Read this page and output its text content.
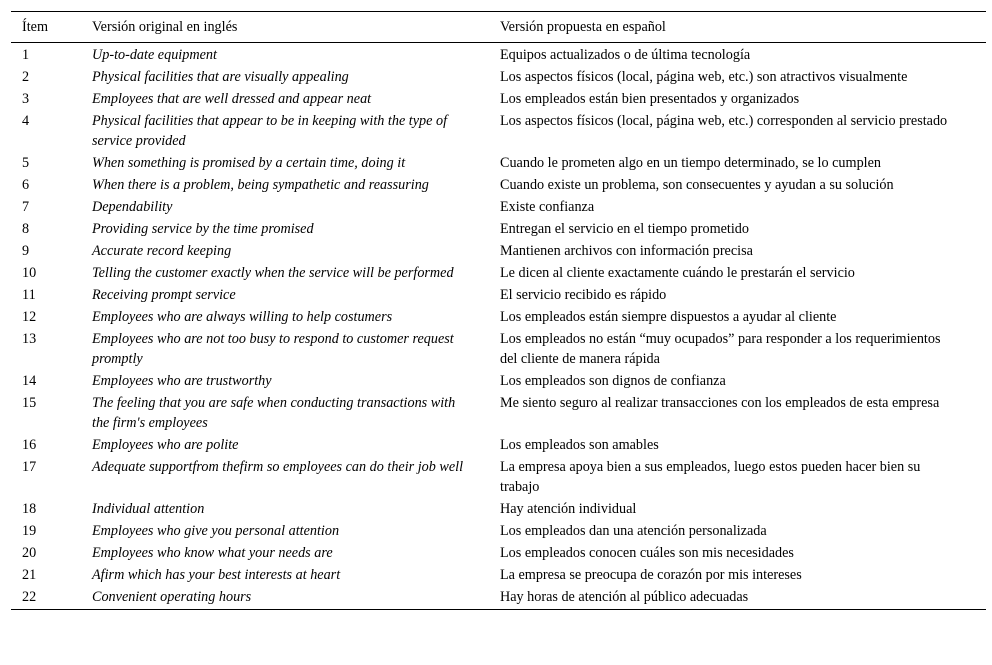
Ítem	Versión original en inglés	Versión propuesta en español
1	Up-to-date equipment	Equipos actualizados o de última tecnología
2	Physical facilities that are visually appealing	Los aspectos físicos (local, página web, etc.) son atractivos visualmente
3	Employees that are well dressed and appear neat	Los empleados están bien presentados y organizados
4	Physical facilities that appear to be in keeping with the type of service provided	Los aspectos físicos (local, página web, etc.) corresponden al servicio prestado
5	When something is promised by a certain time, doing it	Cuando le prometen algo en un tiempo determinado, se lo cumplen
6	When there is a problem, being sympathetic and reassuring	Cuando existe un problema, son consecuentes y ayudan a su solución
7	Dependability	Existe confianza
8	Providing service by the time promised	Entregan el servicio en el tiempo prometido
9	Accurate record keeping	Mantienen archivos con información precisa
10	Telling the customer exactly when the service will be performed	Le dicen al cliente exactamente cuándo le prestarán el servicio
11	Receiving prompt service	El servicio recibido es rápido
12	Employees who are always willing to help costumers	Los empleados están siempre dispuestos a ayudar al cliente
13	Employees who are not too busy to respond to customer request promptly	Los empleados no están “muy ocupados” para responder a los requerimientos del cliente de manera rápida
14	Employees who are trustworthy	Los empleados son dignos de confianza
15	The feeling that you are safe when conducting transactions with the firm's employees	Me siento seguro al realizar transacciones con los empleados de esta empresa
16	Employees who are polite	Los empleados son amables
17	Adequate supportfrom thefirm so employees can do their job well	La empresa apoya bien a sus empleados, luego estos pueden hacer bien su trabajo
18	Individual attention	Hay atención individual
19	Employees who give you personal attention	Los empleados dan una atención personalizada
20	Employees who know what your needs are	Los empleados conocen cuáles son mis necesidades
21	Afirm which has your best interests at heart	La empresa se preocupa de corazón por mis intereses
22	Convenient operating hours	Hay horas de atención al público adecuadas
